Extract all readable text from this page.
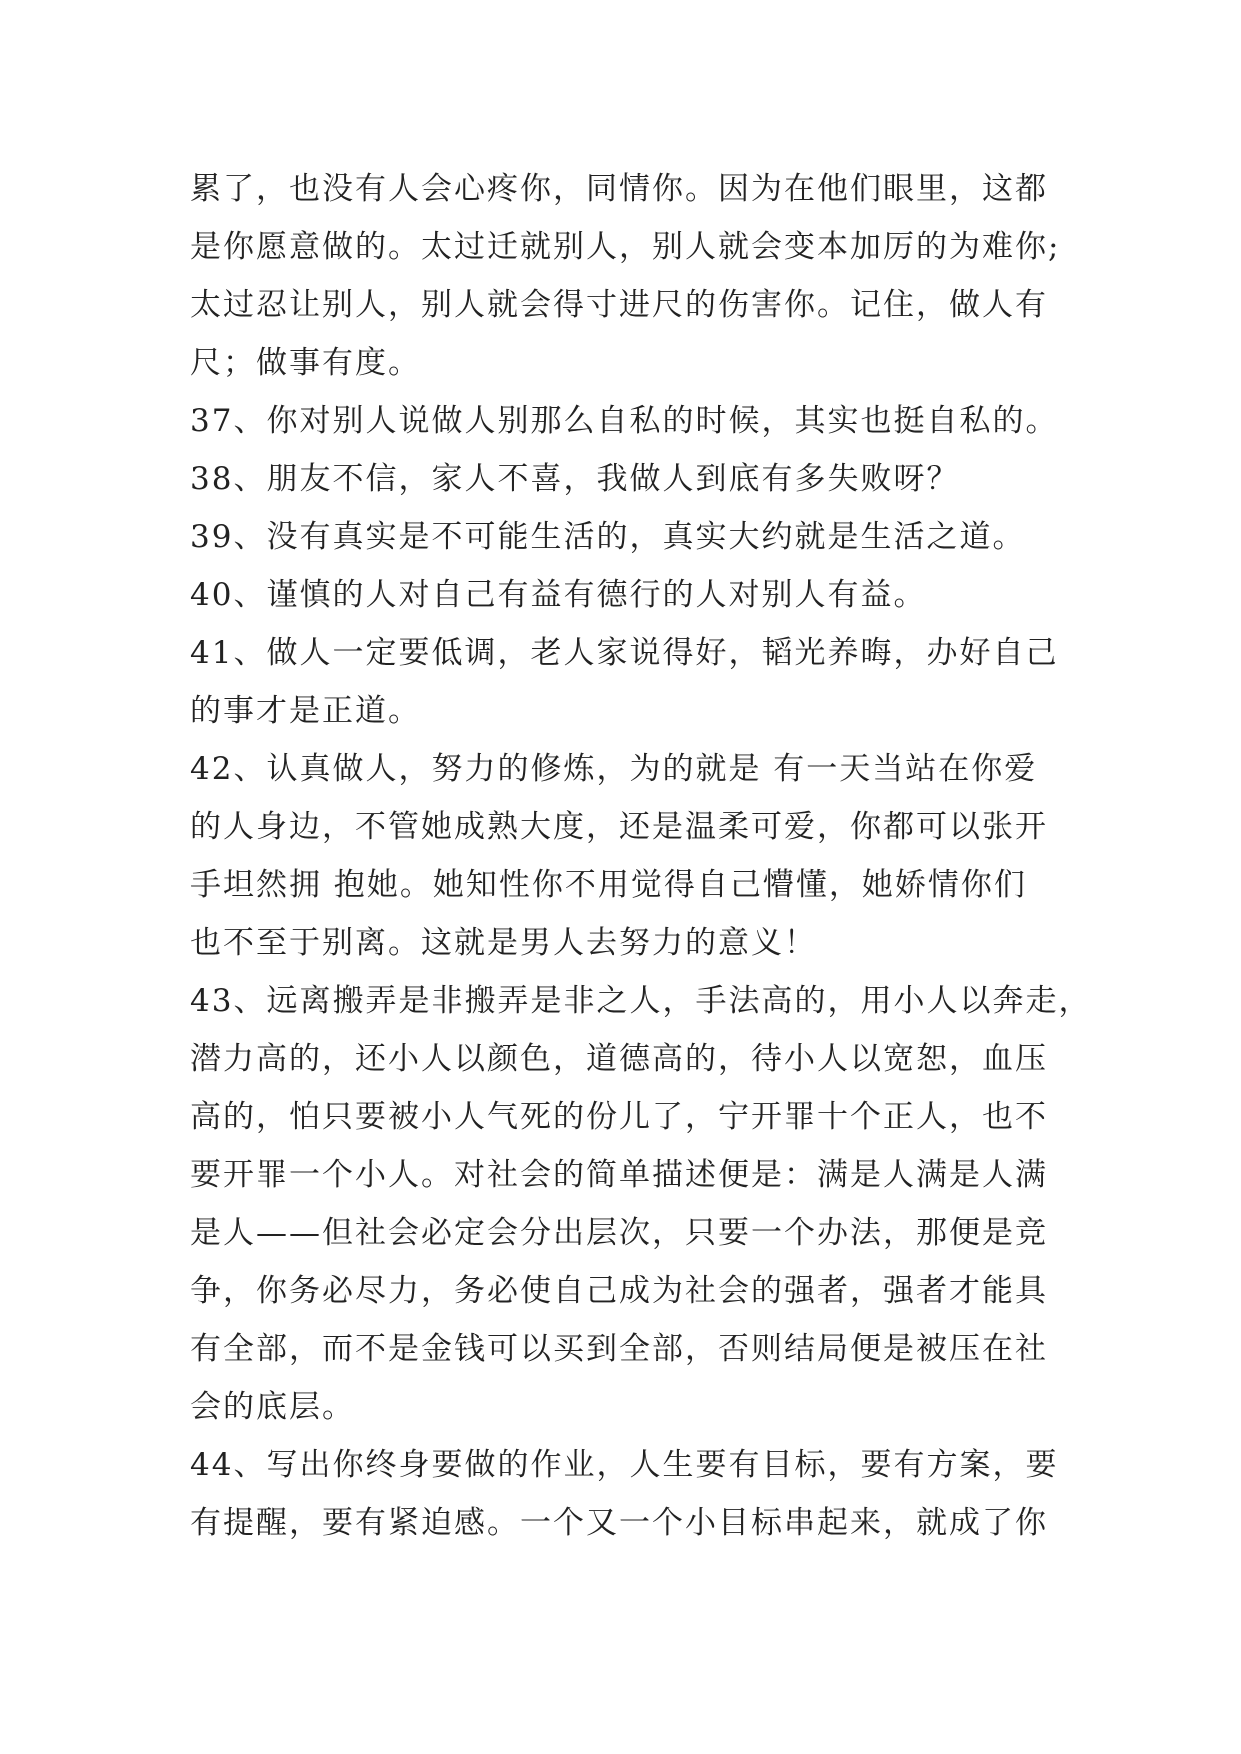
累了，也没有人会心疼你，同情你。因为在他们眼里，这都
是你愿意做的。太过迁就别人，别人就会变本加厉的为难你;
太过忍让别人，别人就会得寸进尺的伤害你。记住，做人有
尺；做事有度。
37、你对别人说做人别那么自私的时候，其实也挺自私的。
38、朋友不信，家人不喜，我做人到底有多失败呀？
39、没有真实是不可能生活的，真实大约就是生活之道。
40、谨慎的人对自己有益有德行的人对别人有益。
41、做人一定要低调，老人家说得好，韬光养晦，办好自己
的事才是正道。
42、认真做人，努力的修炼，为的就是 有一天当站在你爱
的人身边，不管她成熟大度，还是温柔可爱，你都可以张开
手坦然拥 抱她。她知性你不用觉得自己懵懂，她娇情你们
也不至于别离。这就是男人去努力的意义！
43、远离搬弄是非搬弄是非之人，手法高的，用小人以奔走，
潜力高的，还小人以颜色，道德高的，待小人以宽恕，血压
高的，怕只要被小人气死的份儿了，宁开罪十个正人，也不
要开罪一个小人。对社会的简单描述便是：满是人满是人满
是人——但社会必定会分出层次，只要一个办法，那便是竞
争，你务必尽力，务必使自己成为社会的强者，强者才能具
有全部，而不是金钱可以买到全部，否则结局便是被压在社
会的底层。
44、写出你终身要做的作业，人生要有目标，要有方案，要
有提醒，要有紧迫感。一个又一个小目标串起来，就成了你
